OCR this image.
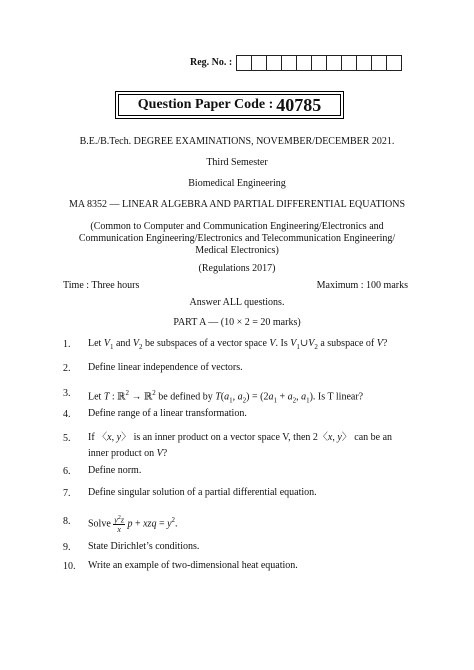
Reg. No. :
Question Paper Code : 40785
B.E./B.Tech. DEGREE EXAMINATIONS, NOVEMBER/DECEMBER 2021.
Third Semester
Biomedical Engineering
MA 8352 — LINEAR ALGEBRA AND PARTIAL DIFFERENTIAL EQUATIONS
(Common to Computer and Communication Engineering/Electronics and
Communication Engineering/Electronics and Telecommunication Engineering/
Medical Electronics)
(Regulations 2017)
Time : Three hours	Maximum : 100 marks
Answer ALL questions.
PART A — (10 × 2 = 20 marks)
1. Let $V_1$ and $V_2$ be subspaces of a vector space V. Is $V_1\cup V_2$ a subspace of V?
2. Define linear independence of vectors.
3. Let T : ℝ$^2$ → ℝ$^2$ be defined by $T(a_1$, $a_2) = (2a_1 + a_2$, $a_1$). Is T linear?
4. Define range of a linear transformation.
5. If 〈x, y〉 is an inner product on a vector space V, then 2〈x, y〉 can be an inner product on V?
6. Define norm.
7. Define singular solution of a partial differential equation.
8. Solve $\frac{y^2z}{x}$ p + xzq = $y^2$.
9. State Dirichlet’s conditions.
10. Write an example of two-dimensional heat equation.
